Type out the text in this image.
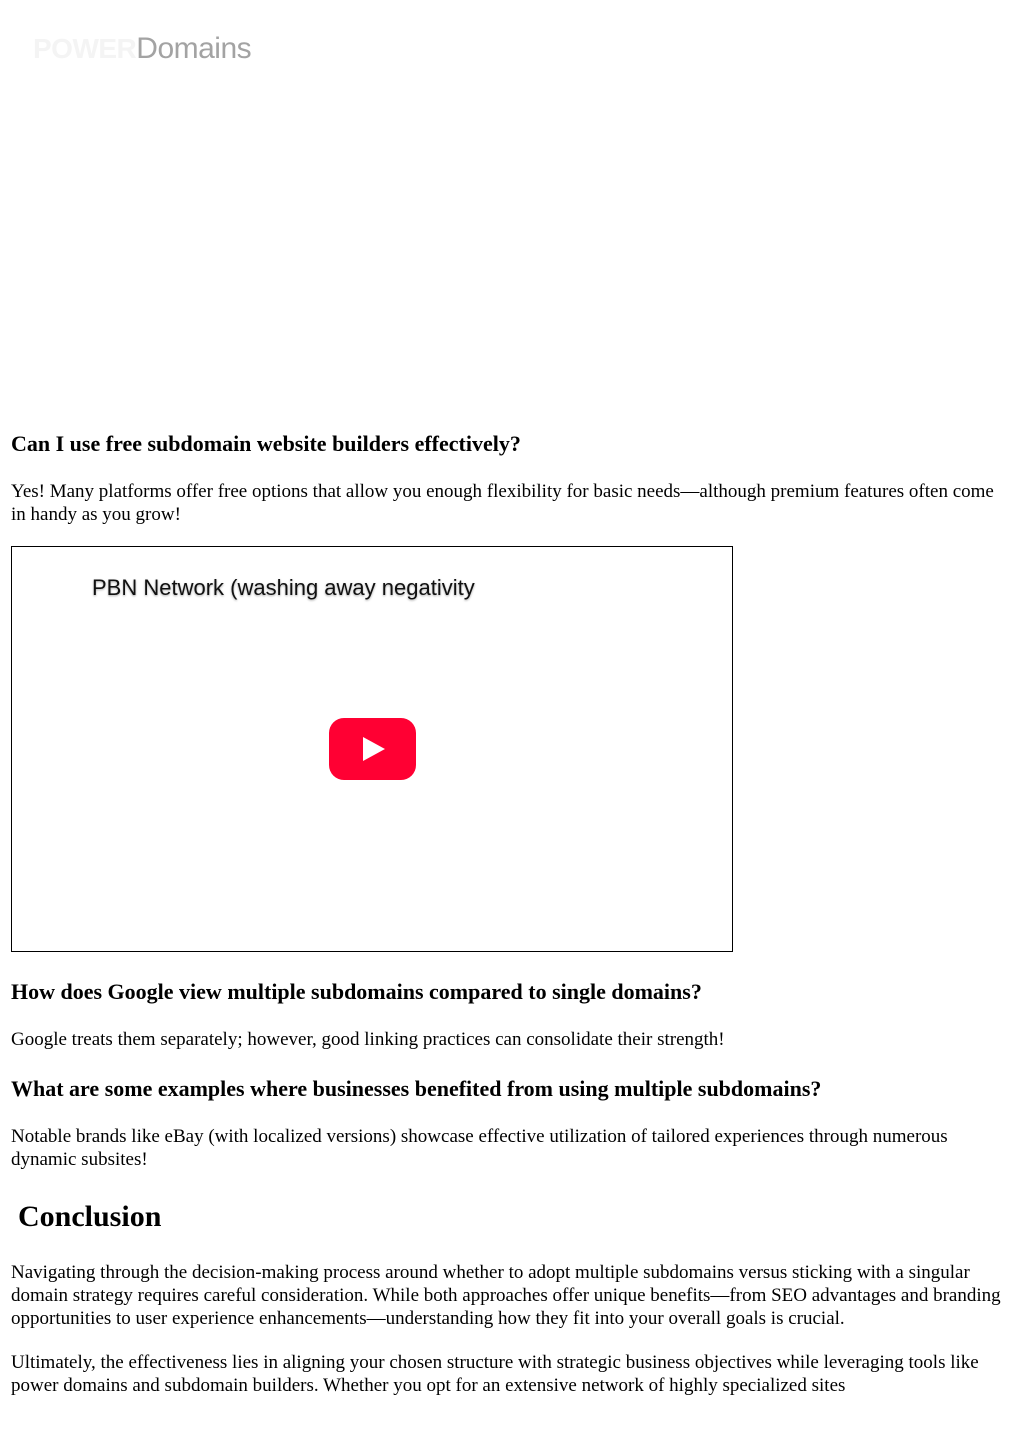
POWERDomains
Can I use free subdomain website builders effectively?

Yes! Many platforms offer free options that allow you enough flexibility for basic needs—although premium features often come in handy as you grow!

PBN Network (washing away negativity
How does Google view multiple subdomains compared to single domains?

Google treats them separately; however, good linking practices can consolidate their strength!

What are some examples where businesses benefited from using multiple subdomains?

Notable brands like eBay (with localized versions) showcase effective utilization of tailored experiences through numerous dynamic subsites!

Conclusion

Navigating through the decision-making process around whether to adopt multiple subdomains versus sticking with a singular domain strategy requires careful consideration. While both approaches offer unique benefits—from SEO advantages and branding opportunities to user experience enhancements—understanding how they fit into your overall goals is crucial.

Ultimately, the effectiveness lies in aligning your chosen structure with strategic business objectives while leveraging tools like power domains and subdomain builders. Whether you opt for an extensive network of highly specialized sites
